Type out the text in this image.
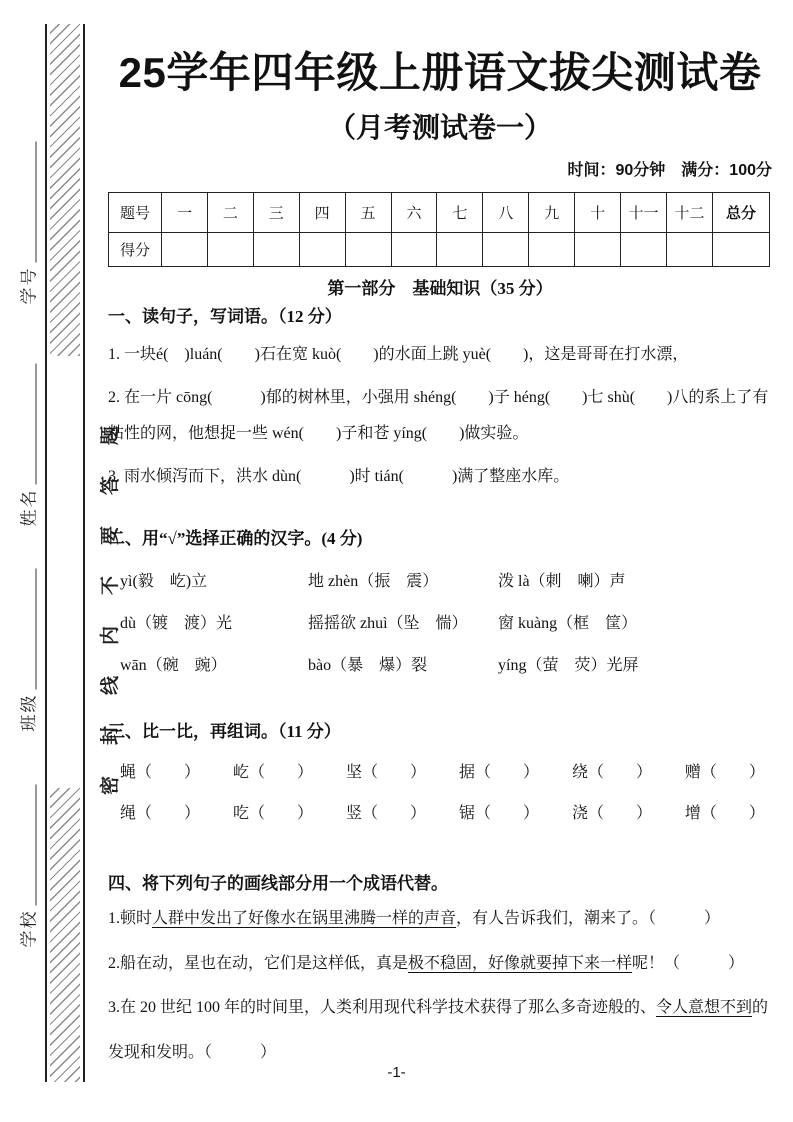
学号
姓名
班级
学校
密封线内不要答题
25学年四年级上册语文拔尖测试卷
（月考测试卷一）
时间：90分钟　满分：100分
题号	一	二	三	四	五	六	七	八	九	十	十一	十二	总分
得分													
第一部分　基础知识（35 分）
一、读句子，写词语。（12 分）

1. 一块é(　)luán(　　)石在宽 kuò(　　)的水面上跳 yuè(　　)，这是哥哥在打水漂，

2. 在一片 cōng(　　　)郁的树林里，小强用 shéng(　　)子 héng(　　)七 shù(　　)八的系上了有粘性的网，他想捉一些 wén(　　)子和苍 yíng(　　)做实验。

3. 雨水倾泻而下，洪水 dùn(　　　)时 tián(　　　)满了整座水库。

二、用“√”选择正确的汉字。(4 分)
yì(毅　屹)立	地 zhèn（振　震）	泼 là（刺　喇）声
dù（镀　渡）光	摇摇欲 zhuì（坠　惴）	窗 kuàng（框　筐）
wān（碗　豌）	bào（暴　爆）裂	yíng（萤　荧）光屏
三、比一比，再组词。（11 分）
蝇（　　） 屹（　　） 坚（　　） 据（　　） 绕（　　） 赠（　　）
绳（　　） 吃（　　） 竖（　　） 锯（　　） 浇（　　） 增（　　）
四、将下列句子的画线部分用一个成语代替。

1.顿时人群中发出了好像水在锅里沸腾一样的声音，有人告诉我们，潮来了。（　　　）

2.船在动，星也在动，它们是这样低，真是极不稳固，好像就要掉下来一样呢！（　　　）

3.在 20 世纪 100 年的时间里，人类利用现代科学技术获得了那么多奇迹般的、令人意想不到的发现和发明。（　　　）

-1-
